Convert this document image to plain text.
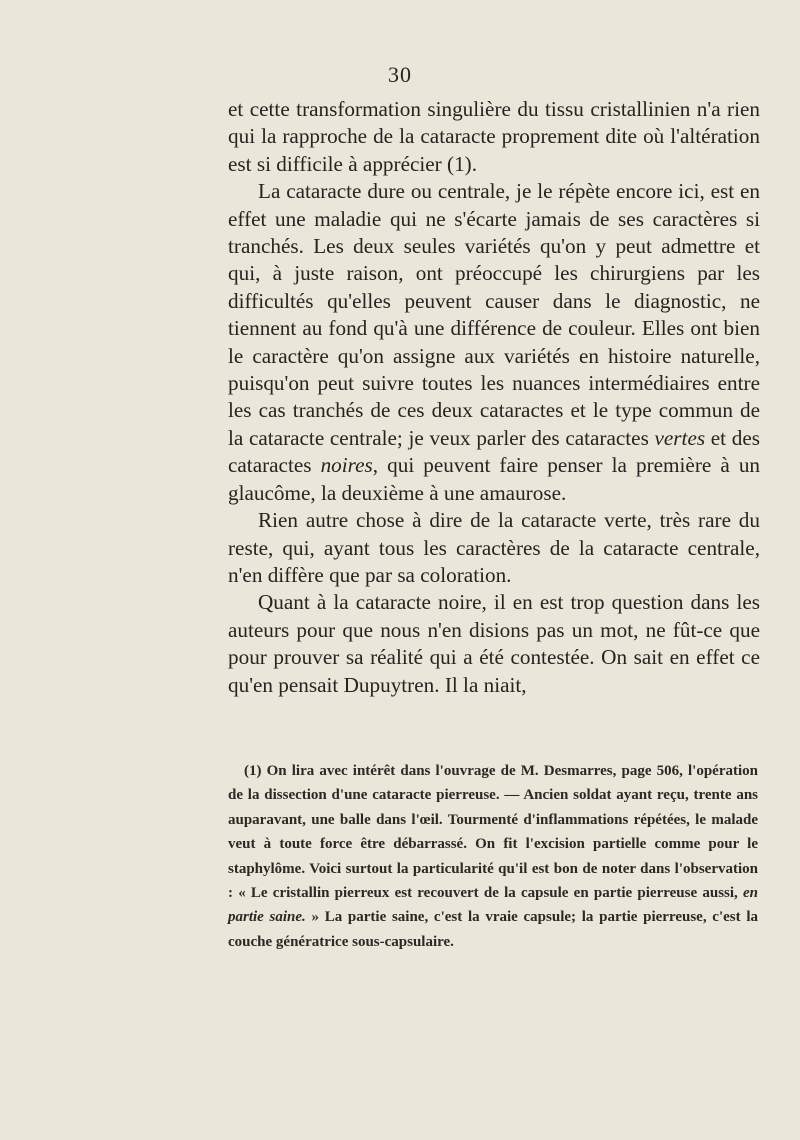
30

et cette transformation singulière du tissu cristallinien n'a rien qui la rapproche de la cataracte proprement dite où l'altération est si difficile à apprécier (1).

La cataracte dure ou centrale, je le répète encore ici, est en effet une maladie qui ne s'écarte jamais de ses caractères si tranchés. Les deux seules variétés qu'on y peut admettre et qui, à juste raison, ont préoccupé les chirurgiens par les difficultés qu'elles peuvent causer dans le diagnostic, ne tiennent au fond qu'à une différence de couleur. Elles ont bien le caractère qu'on assigne aux variétés en histoire naturelle, puisqu'on peut suivre toutes les nuances intermédiaires entre les cas tranchés de ces deux cataractes et le type commun de la cataracte centrale; je veux parler des cataractes vertes et des cataractes noires, qui peuvent faire penser la première à un glaucôme, la deuxième à une amaurose.

Rien autre chose à dire de la cataracte verte, très rare du reste, qui, ayant tous les caractères de la cataracte centrale, n'en diffère que par sa coloration.

Quant à la cataracte noire, il en est trop question dans les auteurs pour que nous n'en disions pas un mot, ne fût-ce que pour prouver sa réalité qui a été contestée. On sait en effet ce qu'en pensait Dupuytren. Il la niait,

(1) On lira avec intérêt dans l'ouvrage de M. Desmarres, page 506, l'opération de la dissection d'une cataracte pierreuse. — Ancien soldat ayant reçu, trente ans auparavant, une balle dans l'œil. Tourmenté d'inflammations répétées, le malade veut à toute force être débarrassé. On fit l'excision partielle comme pour le staphylôme. Voici surtout la particularité qu'il est bon de noter dans l'observation : « Le cristallin pierreux est recouvert de la capsule en partie pierreuse aussi, en partie saine. » La partie saine, c'est la vraie capsule; la partie pierreuse, c'est la couche génératrice sous-capsulaire.
